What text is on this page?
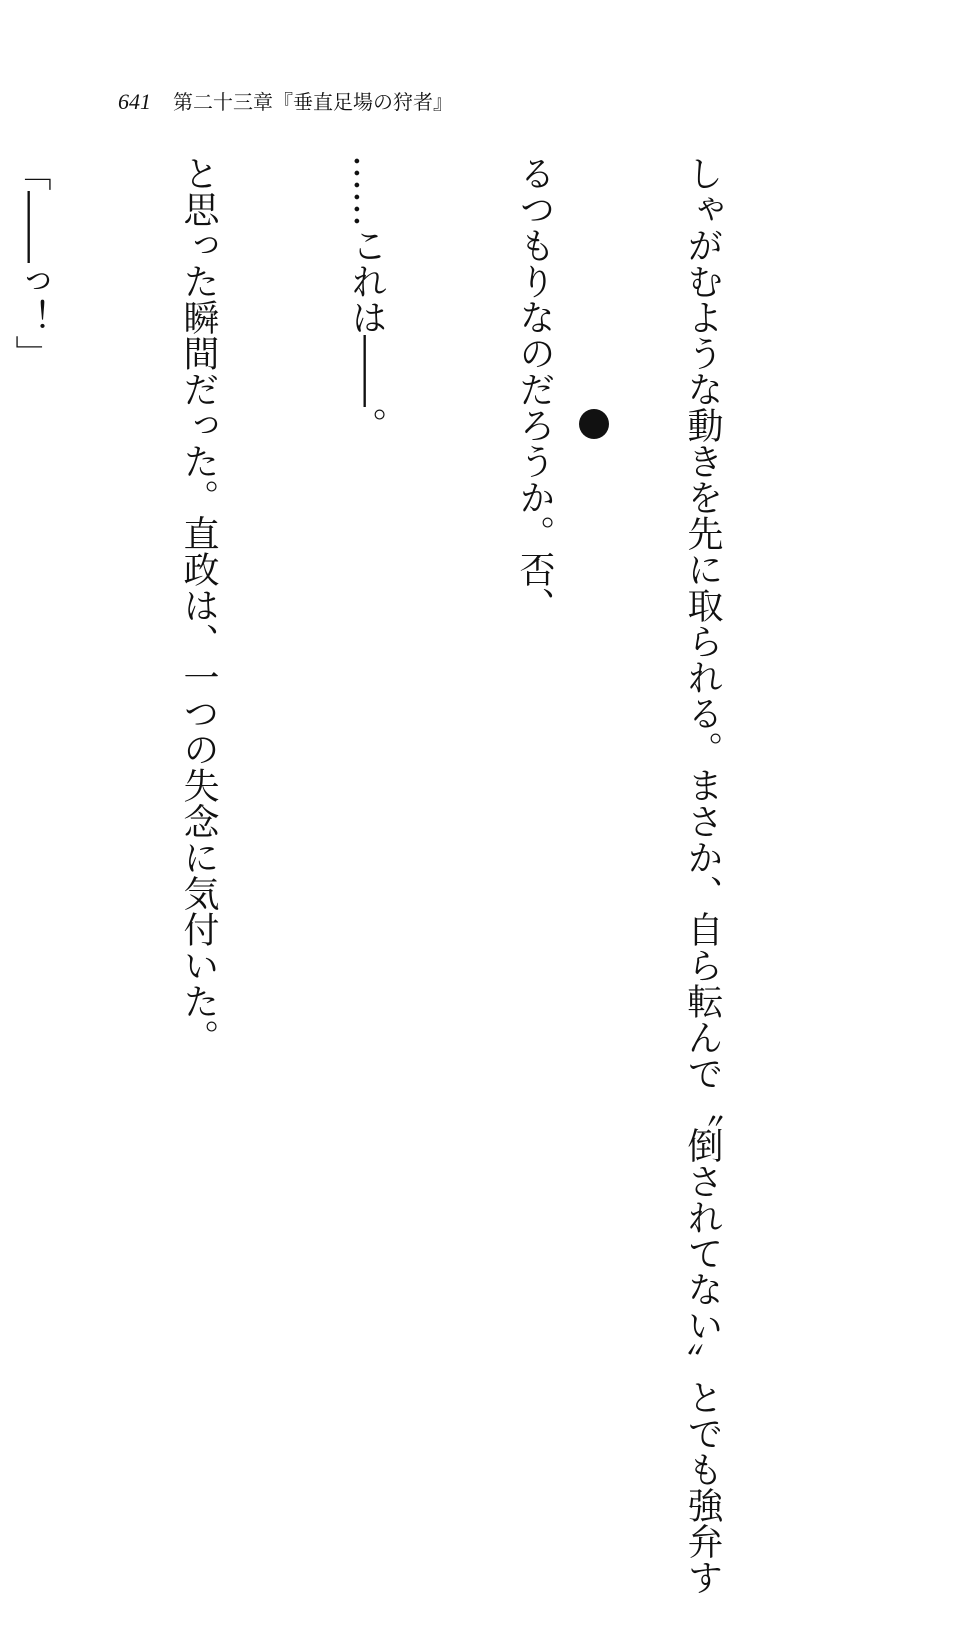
641 第二十三章『垂直足場の狩者』

しゃがむような動きを先に取られる。まさか、自ら転んで〝倒されてない〟とでも強弁す

るつもりなのだろうか。否、

……これは――。

と思った瞬間だった。直政は、一つの失念に気付いた。

「――っ！」
